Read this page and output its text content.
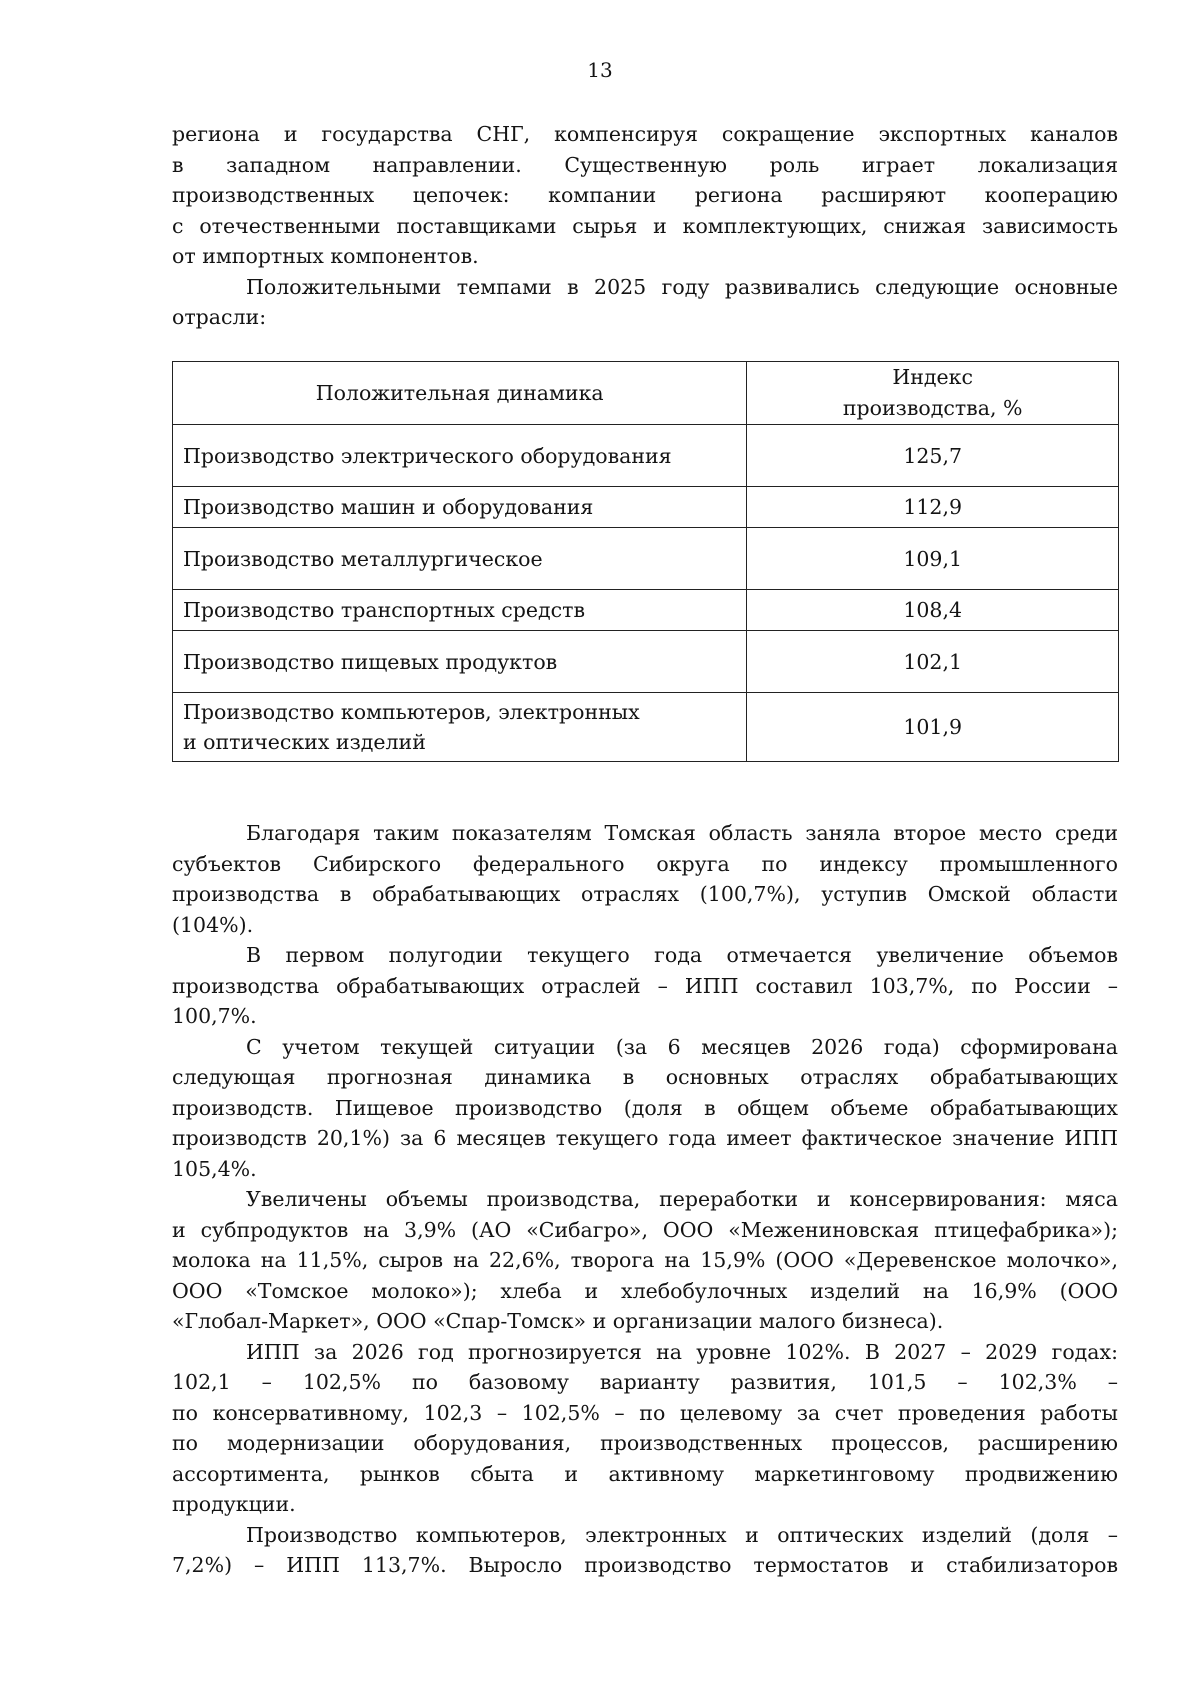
13
региона и государства СНГ, компенсируя сокращение экспортных каналов
в западном направлении. Существенную роль играет локализация
производственных цепочек: компании региона расширяют кооперацию
с отечественными поставщиками сырья и комплектующих, снижая зависимость
от импортных компонентов.
Положительными темпами в 2025 году развивались следующие основные
отрасли:
Положительная динамика	Индекс
производства, %
Производство электрического оборудования	125,7
Производство машин и оборудования	112,9
Производство металлургическое	109,1
Производство транспортных средств	108,4
Производство пищевых продуктов	102,1
Производство компьютеров, электронных
и оптических изделий	101,9
Благодаря таким показателям Томская область заняла второе место среди
субъектов Сибирского федерального округа по индексу промышленного
производства в обрабатывающих отраслях (100,7%), уступив Омской области
(104%).
В первом полугодии текущего года отмечается увеличение объемов
производства обрабатывающих отраслей – ИПП составил 103,7%, по России –
100,7%.
С учетом текущей ситуации (за 6 месяцев 2026 года) сформирована
следующая прогнозная динамика в основных отраслях обрабатывающих
производств. Пищевое производство (доля в общем объеме обрабатывающих
производств 20,1%) за 6 месяцев текущего года имеет фактическое значение ИПП
105,4%.
Увеличены объемы производства, переработки и консервирования: мяса
и субпродуктов на 3,9% (АО «Сибагро», ООО «Межениновская птицефабрика»);
молока на 11,5%, сыров на 22,6%, творога на 15,9% (ООО «Деревенское молочко»,
ООО «Томское молоко»); хлеба и хлебобулочных изделий на 16,9% (ООО
«Глобал-Маркет», ООО «Спар-Томск» и организации малого бизнеса).
ИПП за 2026 год прогнозируется на уровне 102%. В 2027 – 2029 годах:
102,1 – 102,5% по базовому варианту развития, 101,5 – 102,3% –
по консервативному, 102,3 – 102,5% – по целевому за счет проведения работы
по модернизации оборудования, производственных процессов, расширению
ассортимента, рынков сбыта и активному маркетинговому продвижению
продукции.
Производство компьютеров, электронных и оптических изделий (доля –
7,2%) – ИПП 113,7%. Выросло производство термостатов и стабилизаторов
